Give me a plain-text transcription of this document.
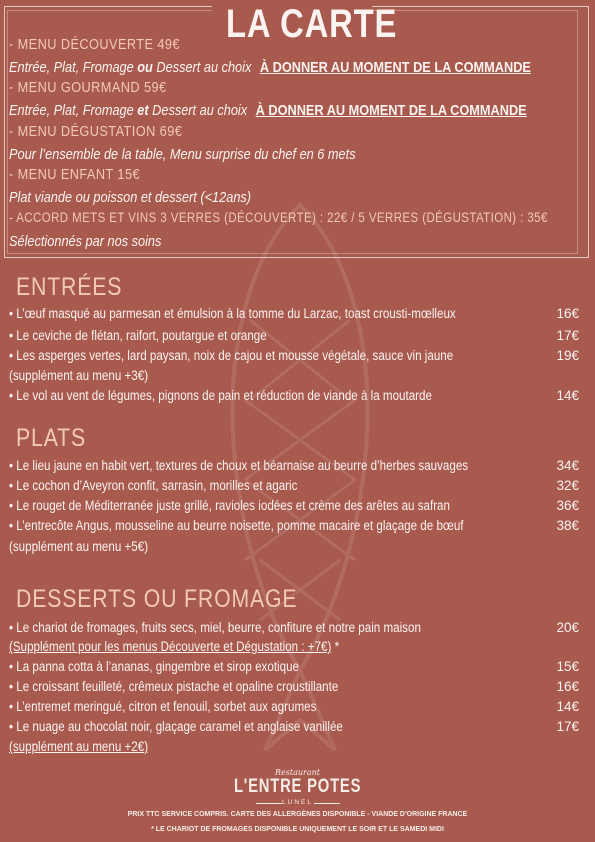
LA CARTE
- MENU DÉCOUVERTE 49€
Entrée, Plat, Fromage ou Dessert au choix À DONNER AU MOMENT DE LA COMMANDE
- MENU GOURMAND 59€
Entrée, Plat, Fromage et Dessert au choix À DONNER AU MOMENT DE LA COMMANDE
- MENU DÉGUSTATION 69€
Pour l’ensemble de la table, Menu surprise du chef en 6 mets
- MENU ENFANT 15€
Plat viande ou poisson et dessert (<12ans)
- ACCORD METS ET VINS 3 VERRES (DÉCOUVERTE) : 22€ / 5 VERRES (DÉGUSTATION) : 35€
Sélectionnés par nos soins
ENTRÉES
• L’œuf masqué au parmesan et émulsion à la tomme du Larzac, toast crousti-mœlleux	16€
• Le ceviche de flétan, raifort, poutargue et orange	17€
• Les asperges vertes, lard paysan, noix de cajou et mousse végétale, sauce vin jaune	19€
(supplément au menu +3€)
• Le vol au vent de légumes, pignons de pain et réduction de viande à la moutarde	14€
PLATS
• Le lieu jaune en habit vert, textures de choux et béarnaise au beurre d’herbes sauvages	34€
• Le cochon d’Aveyron confit, sarrasin, morilles et agaric	32€
• Le rouget de Méditerranée juste grillé, ravioles iodées et crème des arêtes au safran	36€
• L’entrecôte Angus, mousseline au beurre noisette, pomme macaire et glaçage de bœuf	38€
(supplément au menu +5€)
DESSERTS OU FROMAGE
• Le chariot de fromages, fruits secs, miel, beurre, confiture et notre pain maison	20€
(Supplément pour les menus Découverte et Dégustation : +7€) *
• La panna cotta à l’ananas, gingembre et sirop exotique	15€
• Le croissant feuilleté, crêmeux pistache et opaline croustillante	16€
• L’entremet meringué, citron et fenouil, sorbet aux agrumes	14€
• Le nuage au chocolat noir, glaçage caramel et anglaise vanillée	17€
(supplément au menu +2€)
Restaurant
L'ENTRE POTES
LUNEL
PRIX TTC SERVICE COMPRIS. CARTE DES ALLERGÈNES DISPONIBLE - VIANDE D'ORIGINE FRANCE
* LE CHARIOT DE FROMAGES DISPONIBLE UNIQUEMENT LE SOIR ET LE SAMEDI MIDI
